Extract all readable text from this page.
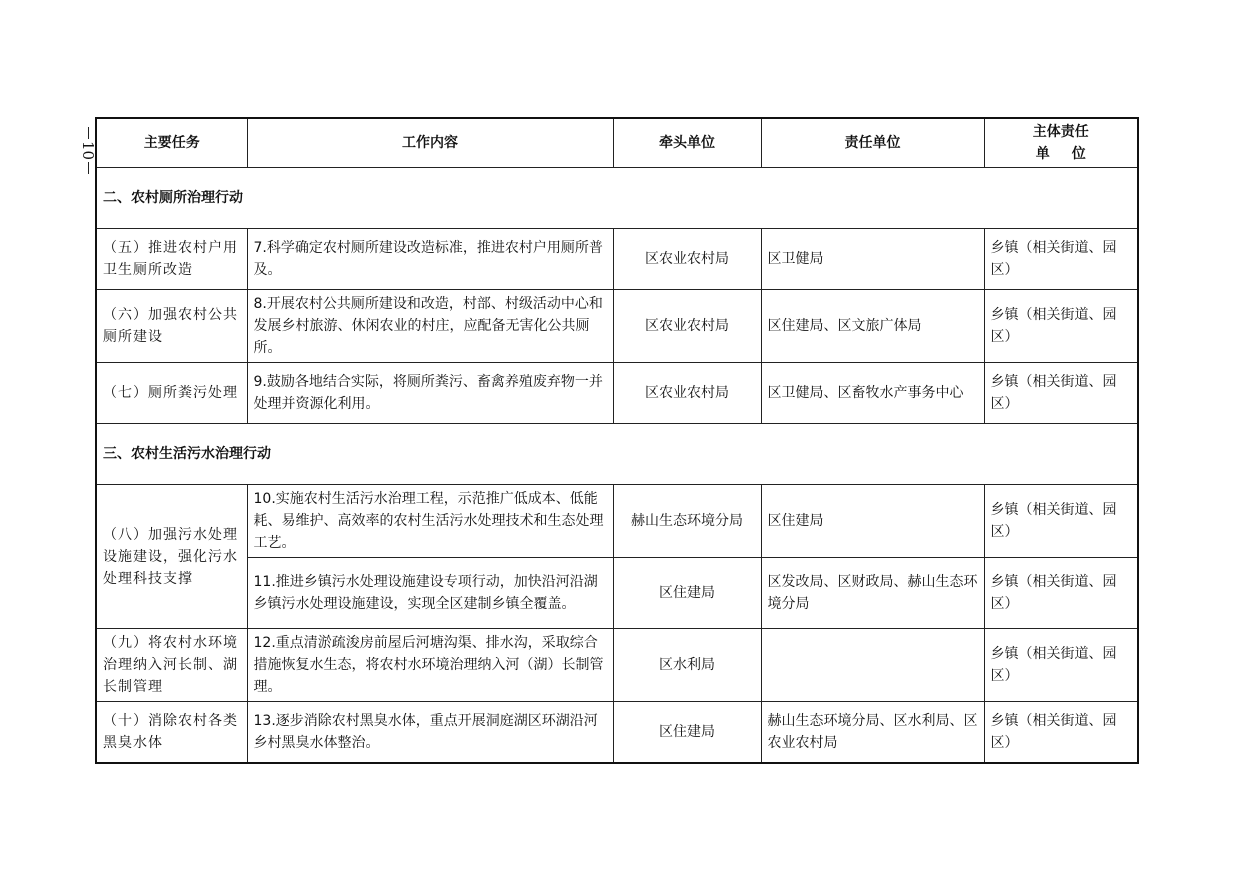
10	主要任务	工作内容	牵头单位	责任单位	主体责任
单位

二、农村厕所治理行动				
（五）推进农村户用卫生厕所改造	7.科学确定农村厕所建设改造标准，推进农村户用厕所普及。	区农业农村局	区卫健局	乡镇（相关街道、园区）
（六）加强农村公共厕所建设	8.开展农村公共厕所建设和改造，村部、村级活动中心和发展乡村旅游、休闲农业的村庄，应配备无害化公共厕所。	区农业农村局	区住建局、区文旅广体局	乡镇（相关街道、园区）
（七）厕所粪污处理	9.鼓励各地结合实际，将厕所粪污、畜禽养殖废弃物一并处理并资源化利用。	区农业农村局	区卫健局、区畜牧水产事务中心	乡镇（相关街道、园区）
三、农村生活污水治理行动				
（八）加强污水处理设施建设，强化污水处理科技支撑	10.实施农村生活污水治理工程，示范推广低成本、低能耗、易维护、高效率的农村生活污水处理技术和生态处理工艺。	赫山生态环境分局	区住建局	乡镇（相关街道、园区）
	11.推进乡镇污水处理设施建设专项行动，加快沿河沿湖乡镇污水处理设施建设，实现全区建制乡镇全覆盖。	区住建局	区发改局、区财政局、赫山生态环境分局	乡镇（相关街道、园区）
（九）将农村水环境治理纳入河长制、湖长制管理	12.重点清淤疏浚房前屋后河塘沟渠、排水沟，采取综合措施恢复水生态，将农村水环境治理纳入河（湖）长制管理。	区水利局		乡镇（相关街道、园区）
（十）消除农村各类黑臭水体	13.逐步消除农村黑臭水体，重点开展洞庭湖区环湖沿河乡村黑臭水体整治。	区住建局	赫山生态环境分局、区水利局、区农业农村局	乡镇（相关街道、园区）
